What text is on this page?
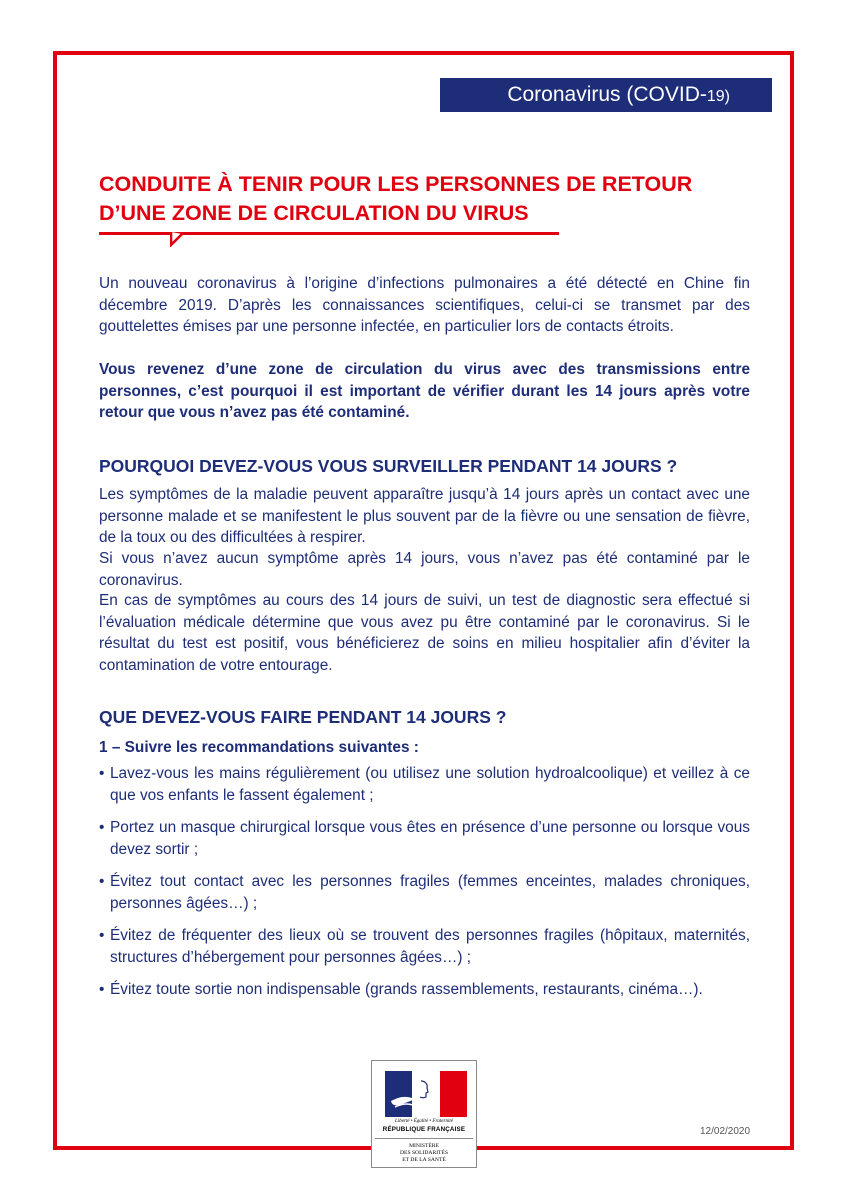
Coronavirus (COVID-19)
CONDUITE À TENIR POUR LES PERSONNES DE RETOUR
D’UNE ZONE DE CIRCULATION DU VIRUS

Un nouveau coronavirus à l’origine d’infections pulmonaires a été détecté en Chine fin décembre 2019. D’après les connaissances scientifiques, celui-ci se transmet par des gouttelettes émises par une personne infectée, en particulier lors de contacts étroits.

Vous revenez d’une zone de circulation du virus avec des transmissions entre personnes, c’est pourquoi il est important de vérifier durant les 14 jours après votre retour que vous n’avez pas été contaminé.

POURQUOI DEVEZ-VOUS VOUS SURVEILLER PENDANT 14 JOURS ?

Les symptômes de la maladie peuvent apparaître jusqu’à 14 jours après un contact avec une personne malade et se manifestent le plus souvent par de la fièvre ou une sensation de fièvre, de la toux ou des difficultées à respirer.

Si vous n’avez aucun symptôme après 14 jours, vous n’avez pas été contaminé par le coronavirus.

En cas de symptômes au cours des 14 jours de suivi, un test de diagnostic sera effectué si l’évaluation médicale détermine que vous avez pu être contaminé par le coronavirus. Si le résultat du test est positif, vous bénéficierez de soins en milieu hospitalier afin d’éviter la contamination de votre entourage.

QUE DEVEZ-VOUS FAIRE PENDANT 14 JOURS ?
1 – Suivre les recommandations suivantes :
• Lavez-vous les mains régulièrement (ou utilisez une solution hydroalcoolique) et veillez à ce que vos enfants le fassent également ;
• Portez un masque chirurgical lorsque vous êtes en présence d’une personne ou lorsque vous devez sortir ;
• Évitez tout contact avec les personnes fragiles (femmes enceintes, malades chroniques, personnes âgées…) ;
• Évitez de fréquenter des lieux où se trouvent des personnes fragiles (hôpitaux, maternités, structures d’hébergement pour personnes âgées…) ;
• Évitez toute sortie non indispensable (grands rassemblements, restaurants, cinéma…).
Liberté • Égalité • Fraternité
RÉPUBLIQUE FRANÇAISE
MINISTÈRE
DES SOLIDARITÉS
ET DE LA SANTÉ

12/02/2020
